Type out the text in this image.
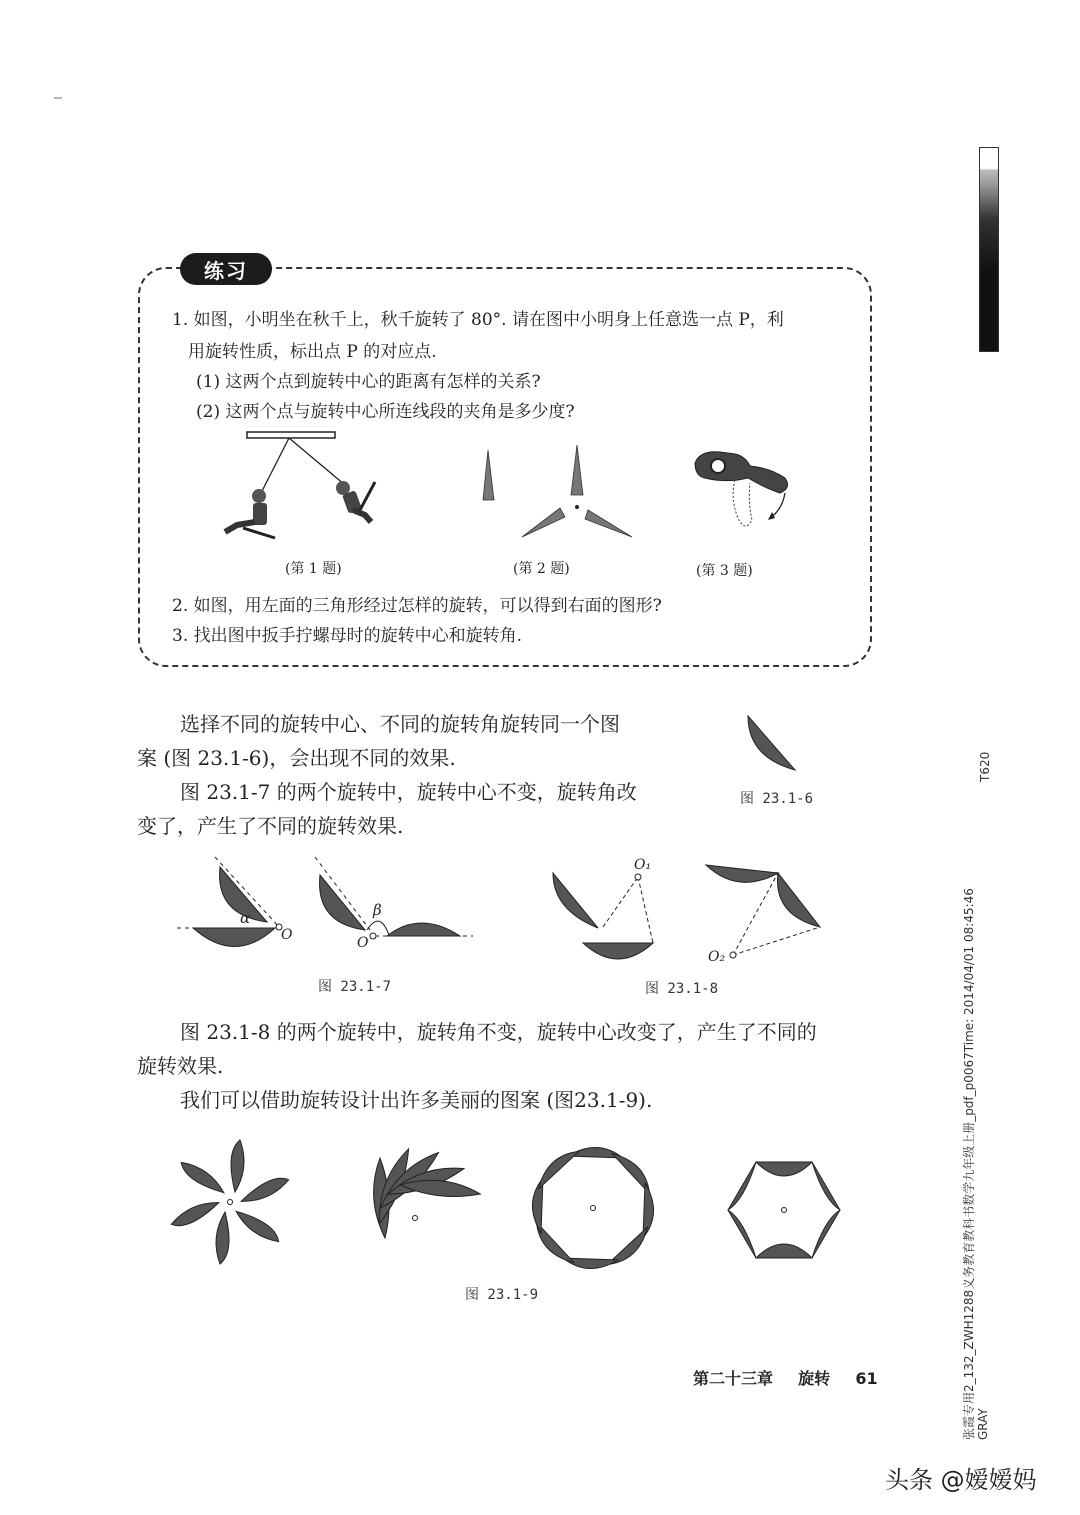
练习
1. 如图，小明坐在秋千上，秋千旋转了 80°. 请在图中小明身上任意选一点 P，利
用旋转性质，标出点 P 的对应点.
(1) 这两个点到旋转中心的距离有怎样的关系?
(2) 这两个点与旋转中心所连线段的夹角是多少度?
(第 1 题)	(第 2 题)	(第 3 题)
2. 如图，用左面的三角形经过怎样的旋转，可以得到右面的图形?
3. 找出图中扳手拧螺母时的旋转中心和旋转角.
选择不同的旋转中心、不同的旋转角旋转同一个图
案 (图 23.1-6)，会出现不同的效果.
图 23.1-7 的两个旋转中，旋转中心不变，旋转角改
变了，产生了不同的旋转效果.
图 23.1-6
α
O
β
O
图 23.1-7
O₁
O₂
图 23.1-8
图 23.1-8 的两个旋转中，旋转角不变，旋转中心改变了，产生了不同的
旋转效果.
我们可以借助旋转设计出许多美丽的图案 (图23.1-9).
图 23.1-9
第二十三章 旋转 61
T620
张霞专用2_132_ZWH1288义务教育教科书数学九年级上册_pdf_p0067Time: 2014/04/01 08:45:46 GRAY
头条 @嫒嫒妈
